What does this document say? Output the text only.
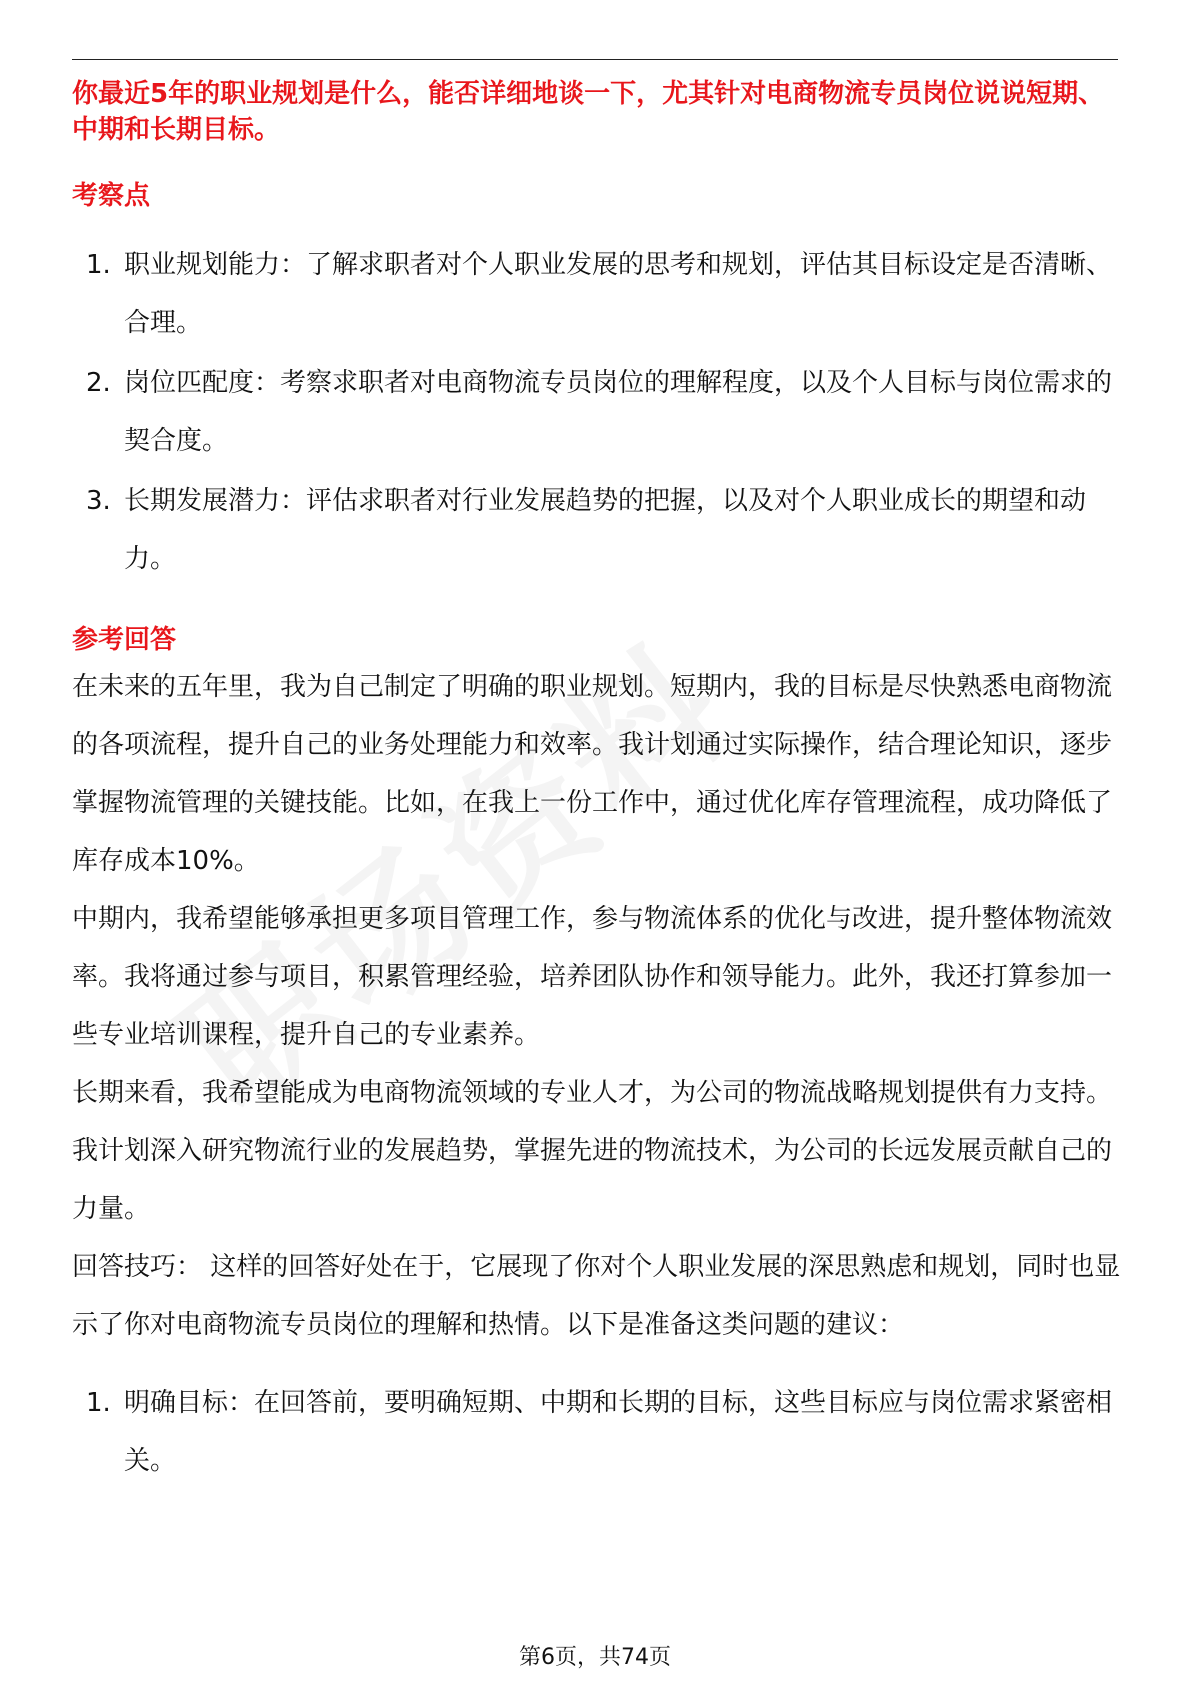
你最近5年的职业规划是什么，能否详细地谈一下，尤其针对电商物流专员岗位说说短期、中期和长期目标。

考察点

1. 职业规划能力：了解求职者对个人职业发展的思考和规划，评估其目标设定是否清晰、合理。
2. 岗位匹配度：考察求职者对电商物流专员岗位的理解程度，以及个人目标与岗位需求的契合度。
3. 长期发展潜力：评估求职者对行业发展趋势的把握，以及对个人职业成长的期望和动力。

参考回答

在未来的五年里，我为自己制定了明确的职业规划。短期内，我的目标是尽快熟悉电商物流的各项流程，提升自己的业务处理能力和效率。我计划通过实际操作，结合理论知识，逐步掌握物流管理的关键技能。比如，在我上一份工作中，通过优化库存管理流程，成功降低了库存成本10%。

中期内，我希望能够承担更多项目管理工作，参与物流体系的优化与改进，提升整体物流效率。我将通过参与项目，积累管理经验，培养团队协作和领导能力。此外，我还打算参加一些专业培训课程，提升自己的专业素养。

长期来看，我希望能成为电商物流领域的专业人才，为公司的物流战略规划提供有力支持。我计划深入研究物流行业的发展趋势，掌握先进的物流技术，为公司的长远发展贡献自己的力量。

回答技巧： 这样的回答好处在于，它展现了你对个人职业发展的深思熟虑和规划，同时也显示了你对电商物流专员岗位的理解和热情。以下是准备这类问题的建议：

1. 明确目标：在回答前，要明确短期、中期和长期的目标，这些目标应与岗位需求紧密相关。
第6页，共74页
